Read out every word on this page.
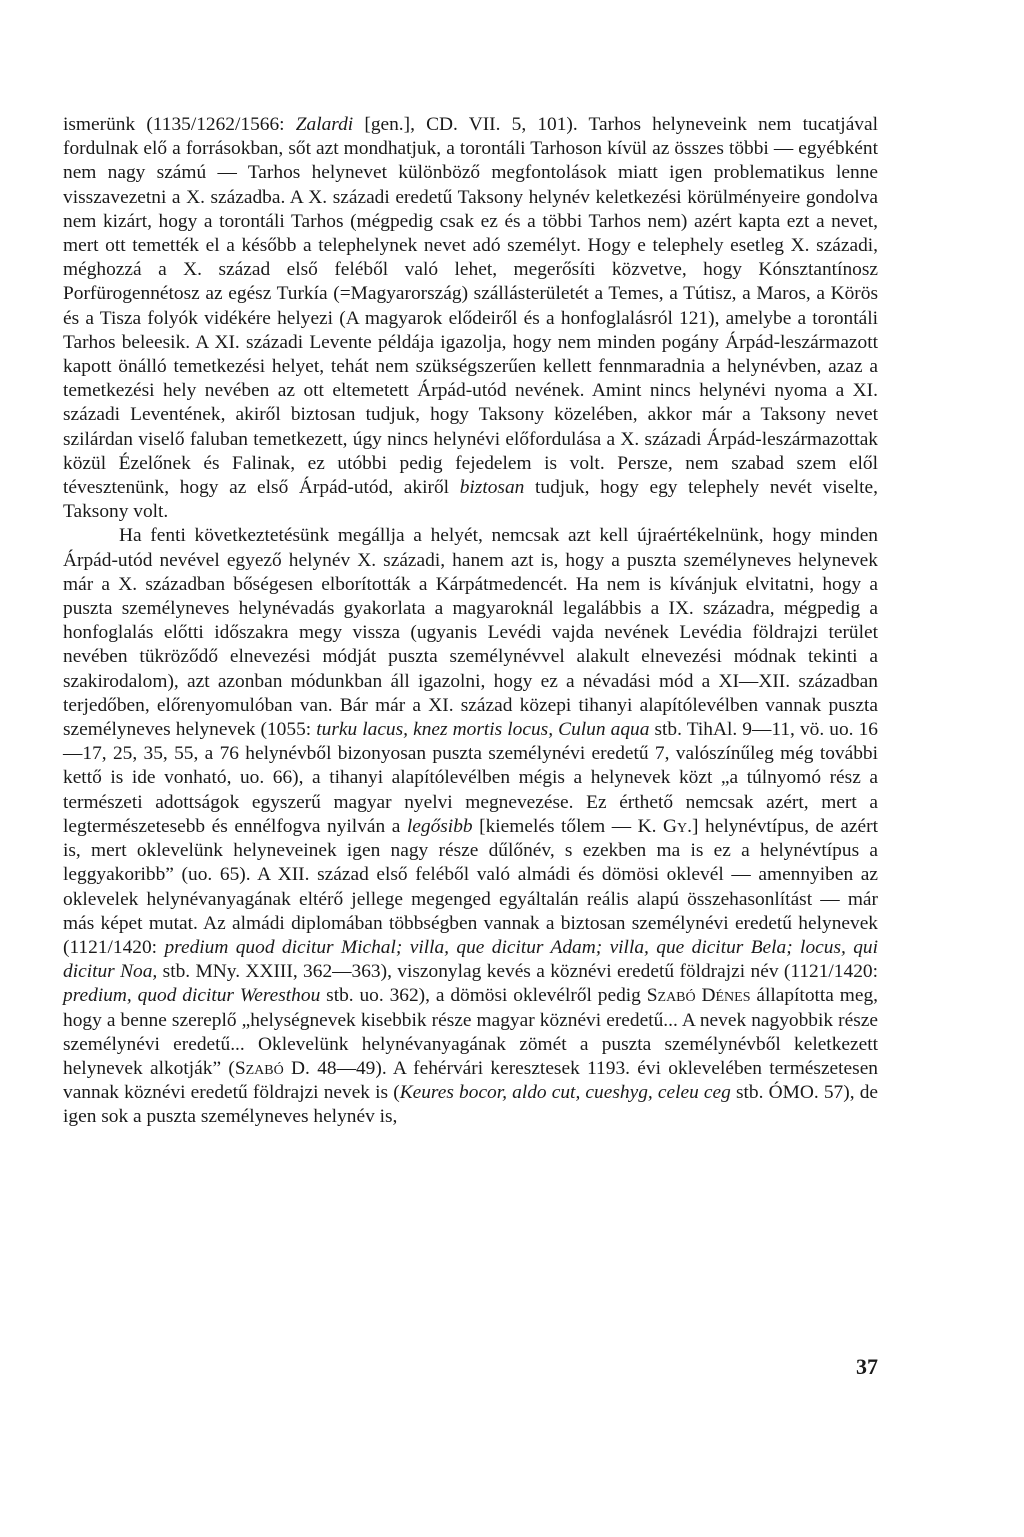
ismerünk (1135/1262/1566: Zalardi [gen.], CD. VII. 5, 101). Tarhos helyneveink nem tucatjával fordulnak elő a forrásokban, sőt azt mondhatjuk, a torontáli Tarhoson kívül az összes többi — egyébként nem nagy számú — Tarhos helynevet különböző megfontolások miatt igen problematikus lenne visszavezetni a X. századba. A X. századi eredetű Taksony helynév keletkezési körülményeire gondolva nem kizárt, hogy a torontáli Tarhos (mégpedig csak ez és a többi Tarhos nem) azért kapta ezt a nevet, mert ott temették el a később a telephelynek nevet adó személyt. Hogy e telephely esetleg X. századi, méghozzá a X. század első feléből való lehet, megerősíti közvetve, hogy Kónsztantínosz Porfürogennétosz az egész Turkía (=Magyarország) szállásterületét a Temes, a Tútisz, a Maros, a Körös és a Tisza folyók vidékére helyezi (A magyarok elődeiről és a honfoglalásról 121), amelybe a torontáli Tarhos beleesik. A XI. századi Levente példája igazolja, hogy nem minden pogány Árpád-leszármazott kapott önálló temetkezési helyet, tehát nem szükségszerűen kellett fennmaradnia a helynévben, azaz a temetkezési hely nevében az ott eltemetett Árpád-utód nevének. Amint nincs helynévi nyoma a XI. századi Leventének, akiről biztosan tudjuk, hogy Taksony közelében, akkor már a Taksony nevet szilárdan viselő faluban temetkezett, úgy nincs helynévi előfordulása a X. századi Árpád-leszármazottak közül Ézelőnek és Falinak, ez utóbbi pedig fejedelem is volt. Persze, nem szabad szem elől tévesztenünk, hogy az első Árpád-utód, akiről biztosan tudjuk, hogy egy telephely nevét viselte, Taksony volt.

Ha fenti következtetésünk megállja a helyét, nemcsak azt kell újraértékelnünk, hogy minden Árpád-utód nevével egyező helynév X. századi, hanem azt is, hogy a puszta személyneves helynevek már a X. században bőségesen elborították a Kárpátmedencét. Ha nem is kívánjuk elvitatni, hogy a puszta személyneves helynévadás gyakorlata a magyaroknál legalábbis a IX. századra, mégpedig a honfoglalás előtti időszakra megy vissza (ugyanis Levédi vajda nevének Levédia földrajzi terület nevében tükröződő elnevezési módját puszta személynévvel alakult elnevezési módnak tekinti a szakirodalom), azt azonban módunkban áll igazolni, hogy ez a névadási mód a XI—XII. században terjedőben, előrenyomulóban van. Bár már a XI. század közepi tihanyi alapítólevélben vannak puszta személyneves helynevek (1055: turku lacus, knez mortis locus, Culun aqua stb. TihAl. 9—11, vö. uo. 16—17, 25, 35, 55, a 76 helynévből bizonyosan puszta személynévi eredetű 7, valószínűleg még további kettő is ide vonható, uo. 66), a tihanyi alapítólevélben mégis a helynevek közt „a túlnyomó rész a természeti adottságok egyszerű magyar nyelvi megnevezése. Ez érthető nemcsak azért, mert a legtermészetesebb és ennélfogva nyilván a legősibb [kiemelés tőlem — K. Gy.] helynévtípus, de azért is, mert oklevelünk helyneveinek igen nagy része dűlőnév, s ezekben ma is ez a helynévtípus a leggyakoribb” (uo. 65). A XII. század első feléből való almádi és dömösi oklevél — amennyiben az oklevelek helynévanyagának eltérő jellege megenged egyáltalán reális alapú összehasonlítást — már más képet mutat. Az almádi diplomában többségben vannak a biztosan személynévi eredetű helynevek (1121/1420: predium quod dicitur Michal; villa, que dicitur Adam; villa, que dicitur Bela; locus, qui dicitur Noa, stb. MNy. XXIII, 362—363), viszonylag kevés a köznévi eredetű földrajzi név (1121/1420: predium, quod dicitur Weresthou stb. uo. 362), a dömösi oklevélről pedig Szabó Dénes állapította meg, hogy a benne szereplő „helységnevek kisebbik része magyar köznévi eredetű... A nevek nagyobbik része személynévi eredetű... Oklevelünk helynévanyagának zömét a puszta személynévből keletkezett helynevek alkotják” (Szabó D. 48—49). A fehérvári keresztesek 1193. évi oklevelében természetesen vannak köznévi eredetű földrajzi nevek is (Keures bocor, aldo cut, cueshyg, celeu ceg stb. ÓMO. 57), de igen sok a puszta személyneves helynév is,

37
